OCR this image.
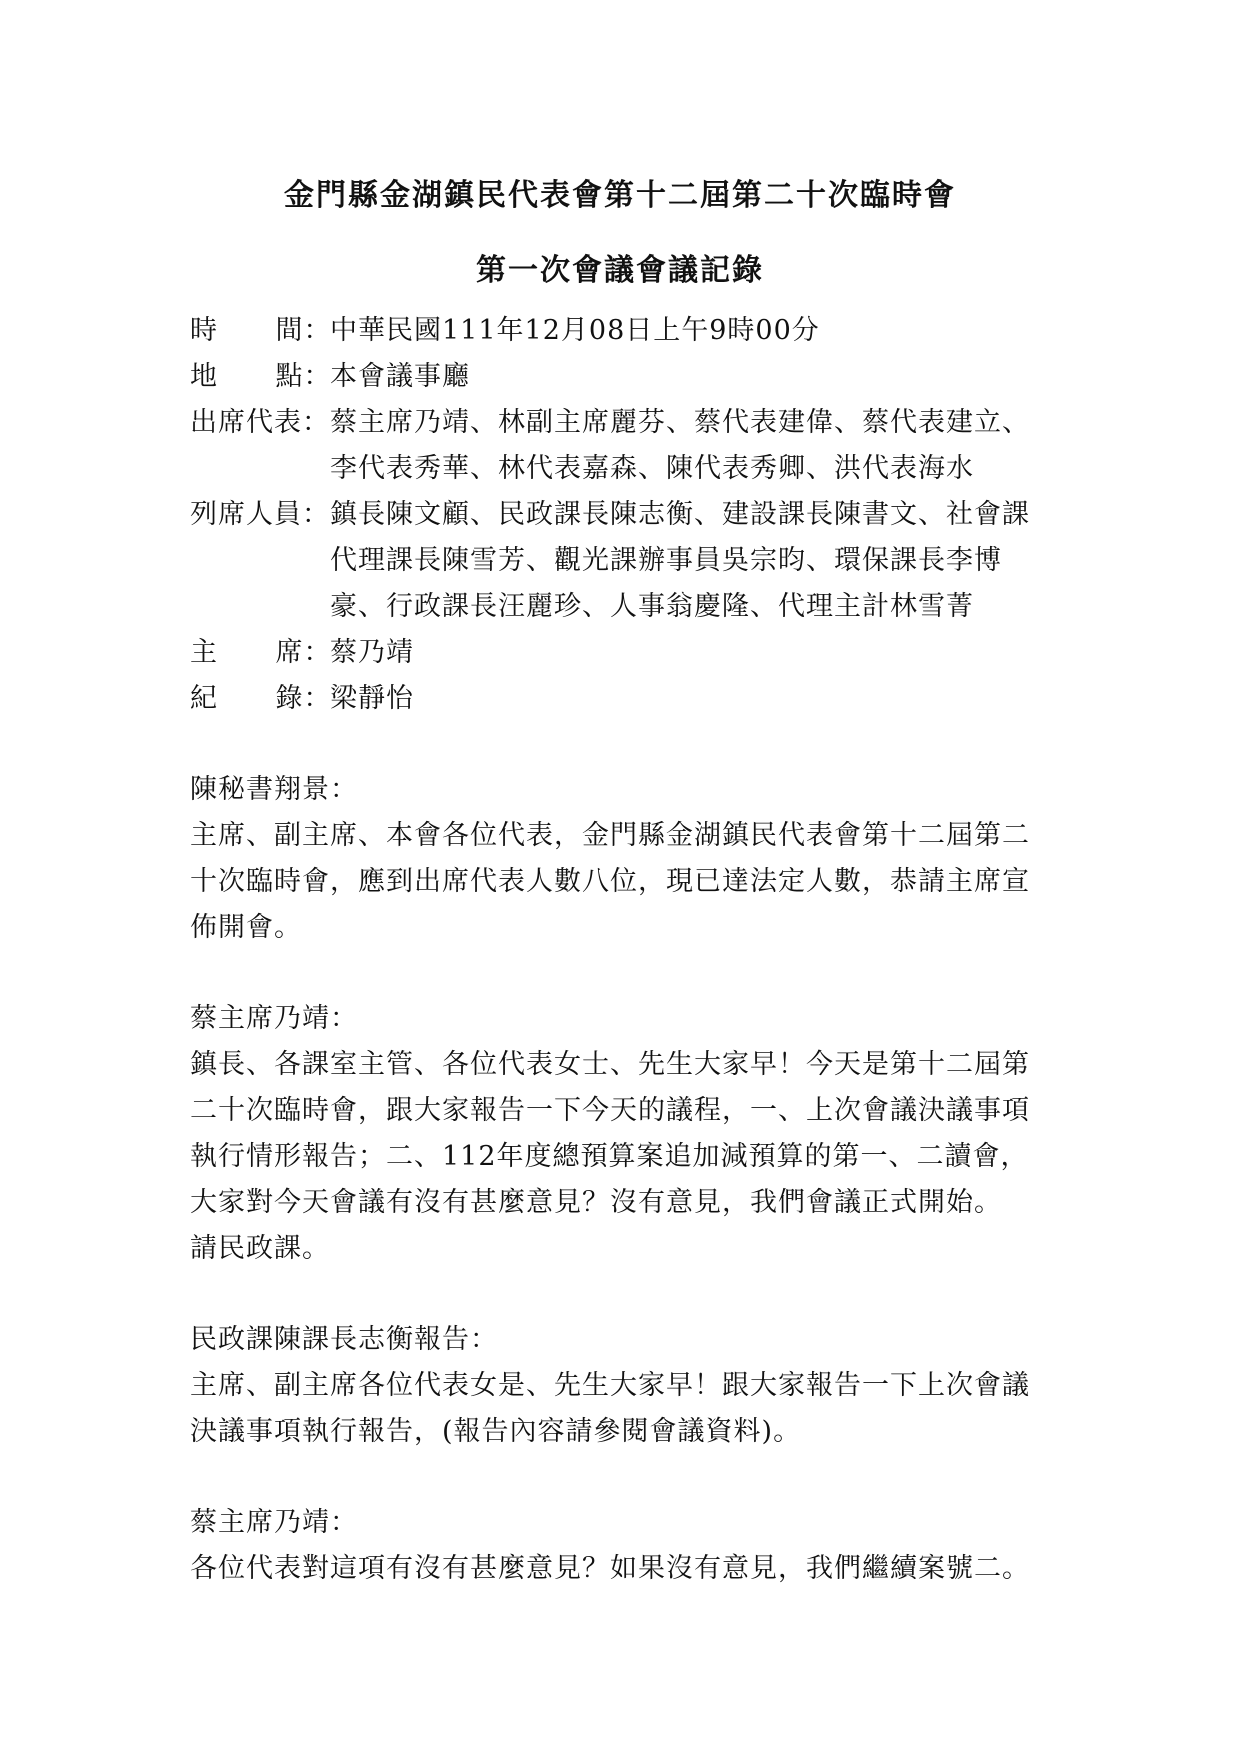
金門縣金湖鎮民代表會第十二屆第二十次臨時會
第一次會議會議記錄
時      間：中華民國111年12月08日上午9時00分
地      點：本會議事廳
出席代表：蔡主席乃靖、林副主席麗芬、蔡代表建偉、蔡代表建立、
李代表秀華、林代表嘉森、陳代表秀卿、洪代表海水
列席人員：鎮長陳文顧、民政課長陳志衡、建設課長陳書文、社會課
代理課長陳雪芳、觀光課辦事員吳宗昀、環保課長李博
豪、行政課長汪麗珍、人事翁慶隆、代理主計林雪菁
主      席：蔡乃靖
紀      錄：梁靜怡
陳秘書翔景：
主席、副主席、本會各位代表，金門縣金湖鎮民代表會第十二屆第二
十次臨時會，應到出席代表人數八位，現已達法定人數，恭請主席宣
佈開會。
蔡主席乃靖：
鎮長、各課室主管、各位代表女士、先生大家早！今天是第十二屆第
二十次臨時會，跟大家報告一下今天的議程，一、上次會議決議事項
執行情形報告；二、112年度總預算案追加減預算的第一、二讀會，
大家對今天會議有沒有甚麼意見？沒有意見，我們會議正式開始。
請民政課。
民政課陳課長志衡報告：
主席、副主席各位代表女是、先生大家早！跟大家報告一下上次會議
決議事項執行報告，(報告內容請參閱會議資料)。
蔡主席乃靖：
各位代表對這項有沒有甚麼意見？如果沒有意見，我們繼續案號二。
